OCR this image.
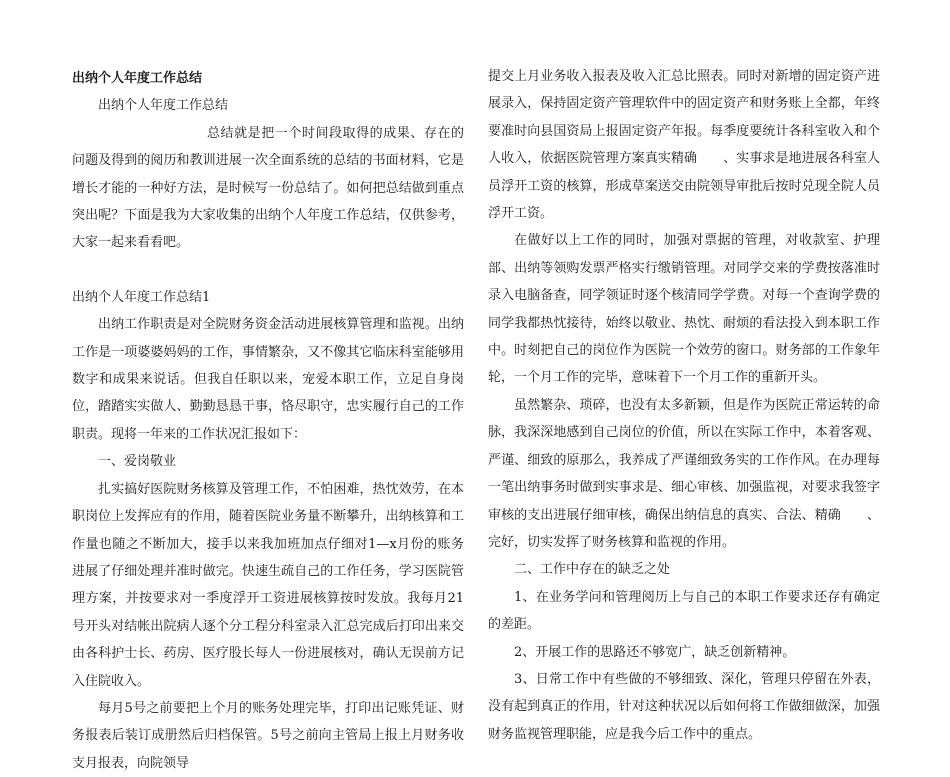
出纳个人年度工作总结

出纳个人年度工作总结

总结就是把一个时间段取得的成果、存在的问题及得到的阅历和教训进展一次全面系统的总结的书面材料，它是增长才能的一种好方法，是时候写一份总结了。如何把总结做到重点突出呢？下面是我为大家收集的出纳个人年度工作总结，仅供参考，大家一起来看看吧。

出纳个人年度工作总结1

出纳工作职责是对全院财务资金活动进展核算管理和监视。出纳工作是一项婆婆妈妈的工作，事情繁杂，又不像其它临床科室能够用数字和成果来说话。但我自任职以来，宠爱本职工作，立足自身岗位，踏踏实实做人、勤勤恳恳干事，恪尽职守，忠实履行自己的工作职责。现将一年来的工作状况汇报如下：

一、爱岗敬业

扎实搞好医院财务核算及管理工作，不怕困难，热忱效劳，在本职岗位上发挥应有的作用，随着医院业务量不断攀升，出纳核算和工作量也随之不断加大，接手以来我加班加点仔细对1—x月份的账务进展了仔细处理并准时做完。快速生疏自己的工作任务，学习医院管理方案，并按要求对一季度浮开工资进展核算按时发放。我每月21号开头对结帐出院病人逐个分工程分科室录入汇总完成后打印出来交由各科护士长、药房、医疗股长每人一份进展核对，确认无误前方记入住院收入。

每月5号之前要把上个月的账务处理完毕，打印出记账凭证、财务报表后装订成册然后归档保管。5号之前向主管局上报上月财务收支月报表，向院领导

提交上月业务收入报表及收入汇总比照表。同时对新增的固定资产进展录入，保持固定资产管理软件中的固定资产和财务账上全都，年终要准时向县国资局上报固定资产年报。每季度要统计各科室收入和个人收入，依据医院管理方案真实精确　　、实事求是地进展各科室人员浮开工资的核算，形成草案送交由院领导审批后按时兑现全院人员浮开工资。

在做好以上工作的同时，加强对票据的管理，对收款室、护理部、出纳等领购发票严格实行缴销管理。对同学交来的学费按落准时录入电脑备查，同学领证时逐个核清同学学费。对每一个查询学费的同学我都热忱接待，始终以敬业、热忱、耐烦的看法投入到本职工作中。时刻把自己的岗位作为医院一个效劳的窗口。财务部的工作象年轮，一个月工作的完毕，意味着下一个月工作的重新开头。

虽然繁杂、琐碎，也没有太多新颖，但是作为医院正常运转的命脉，我深深地感到自己岗位的价值，所以在实际工作中，本着客观、严谨、细致的原那么，我养成了严谨细致务实的工作作风。在办理每一笔出纳事务时做到实事求是、细心审核、加强监视，对要求我签字审核的支出进展仔细审核，确保出纳信息的真实、合法、精确　　、完好，切实发挥了财务核算和监视的作用。

二、工作中存在的缺乏之处

1、在业务学问和管理阅历上与自己的本职工作要求还存有确定的差距。

2、开展工作的思路还不够宽广，缺乏创新精神。

3、日常工作中有些做的不够细致、深化，管理只停留在外表，没有起到真正的作用，针对这种状况以后如何将工作做细做深，加强财务监视管理职能，应是我今后工作中的重点。
